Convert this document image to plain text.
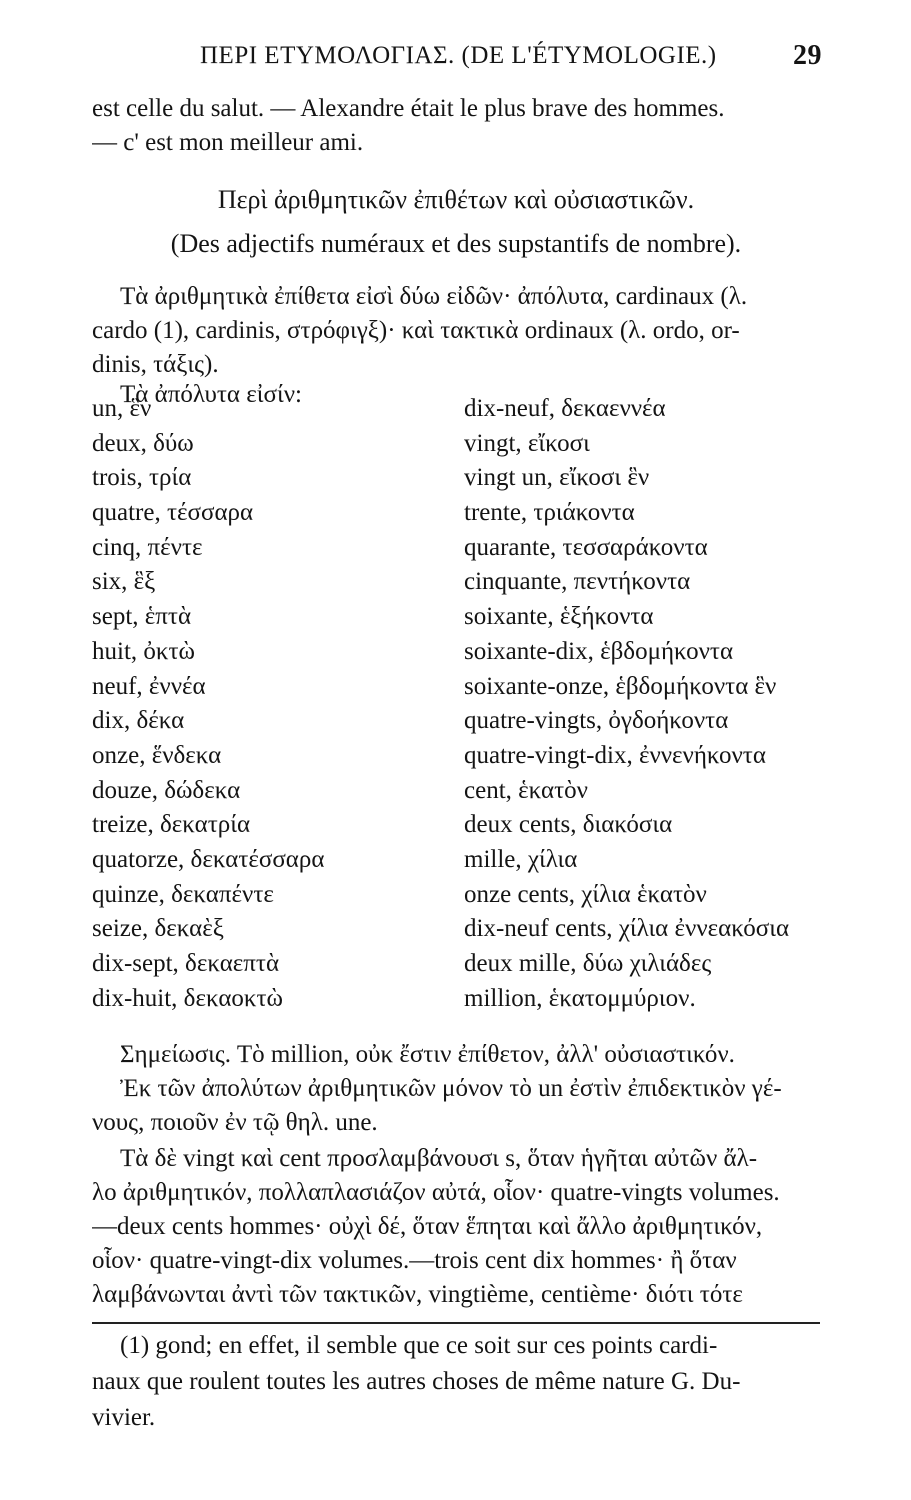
ΠΕΡΙ ΕΤΥΜΟΛΟΓΙΑΣ. (DE L'ÉTYMOLOGIE.)	29
est celle du salut. — Alexandre était le plus brave des hommes.
— c' est mon meilleur ami.
Περὶ ἀριθμητικῶν ἐπιθέτων καὶ οὐσιαστικῶν.
(Des adjectifs numéraux et des supstantifs de nombre).
Τὰ ἀριθμητικὰ ἐπίθετα εἰσὶ δύω εἰδῶν· ἀπόλυτα, cardinaux (λ.
cardo (1), cardinis, στρόφιγξ)· καὶ τακτικὰ ordinaux (λ. ordo, or-
dinis, τάξις).
Τὰ ἀπόλυτα εἰσίν:
un, ἓν	dix-neuf, δεκαεννέα
deux, δύω	vingt, εἴκοσι
trois, τρία	vingt un, εἴκοσι ἓν
quatre, τέσσαρα	trente, τριάκοντα
cinq, πέντε	quarante, τεσσαράκοντα
six, ἓξ	cinquante, πεντήκοντα
sept, ἑπτὰ	soixante, ἑξήκοντα
huit, ὀκτὼ	soixante-dix, ἑβδομήκοντα
neuf, ἐννέα	soixante-onze, ἑβδομήκοντα ἓν
dix, δέκα	quatre-vingts, ὀγδοήκοντα
onze, ἕνδεκα	quatre-vingt-dix, ἐννενήκοντα
douze, δώδεκα	cent, ἑκατὸν
treize, δεκατρία	deux cents, διακόσια
quatorze, δεκατέσσαρα	mille, χίλια
quinze, δεκαπέντε	onze cents, χίλια ἑκατὸν
seize, δεκαὲξ	dix-neuf cents, χίλια ἐννεακόσια
dix-sept, δεκαεπτὰ	deux mille, δύω χιλιάδες
dix-huit, δεκαοκτὼ	million, ἑκατομμύριον.
Σημείωσις. Τὸ million, οὐκ ἔστιν ἐπίθετον, ἀλλ' οὐσιαστικόν.
Ἐκ τῶν ἀπολύτων ἀριθμητικῶν μόνον τὸ un ἐστὶν ἐπιδεκτικὸν γέ-
νους, ποιοῦν ἐν τῷ θηλ. une.
Τὰ δὲ vingt καὶ cent προσλαμβάνουσι s, ὅταν ἡγῆται αὐτῶν ἄλ-
λο ἀριθμητικόν, πολλαπλασιάζον αὐτά, οἷον· quatre-vingts volumes.
—deux cents hommes· οὐχὶ δέ, ὅταν ἕπηται καὶ ἄλλο ἀριθμητικόν,
οἷον· quatre-vingt-dix volumes.—trois cent dix hommes· ἢ ὅταν
λαμβάνωνται ἀντὶ τῶν τακτικῶν, vingtième, centième· διότι τότε
(1) gond; en effet, il semble que ce soit sur ces points cardi-
naux que roulent toutes les autres choses de même nature G. Du-
vivier.
